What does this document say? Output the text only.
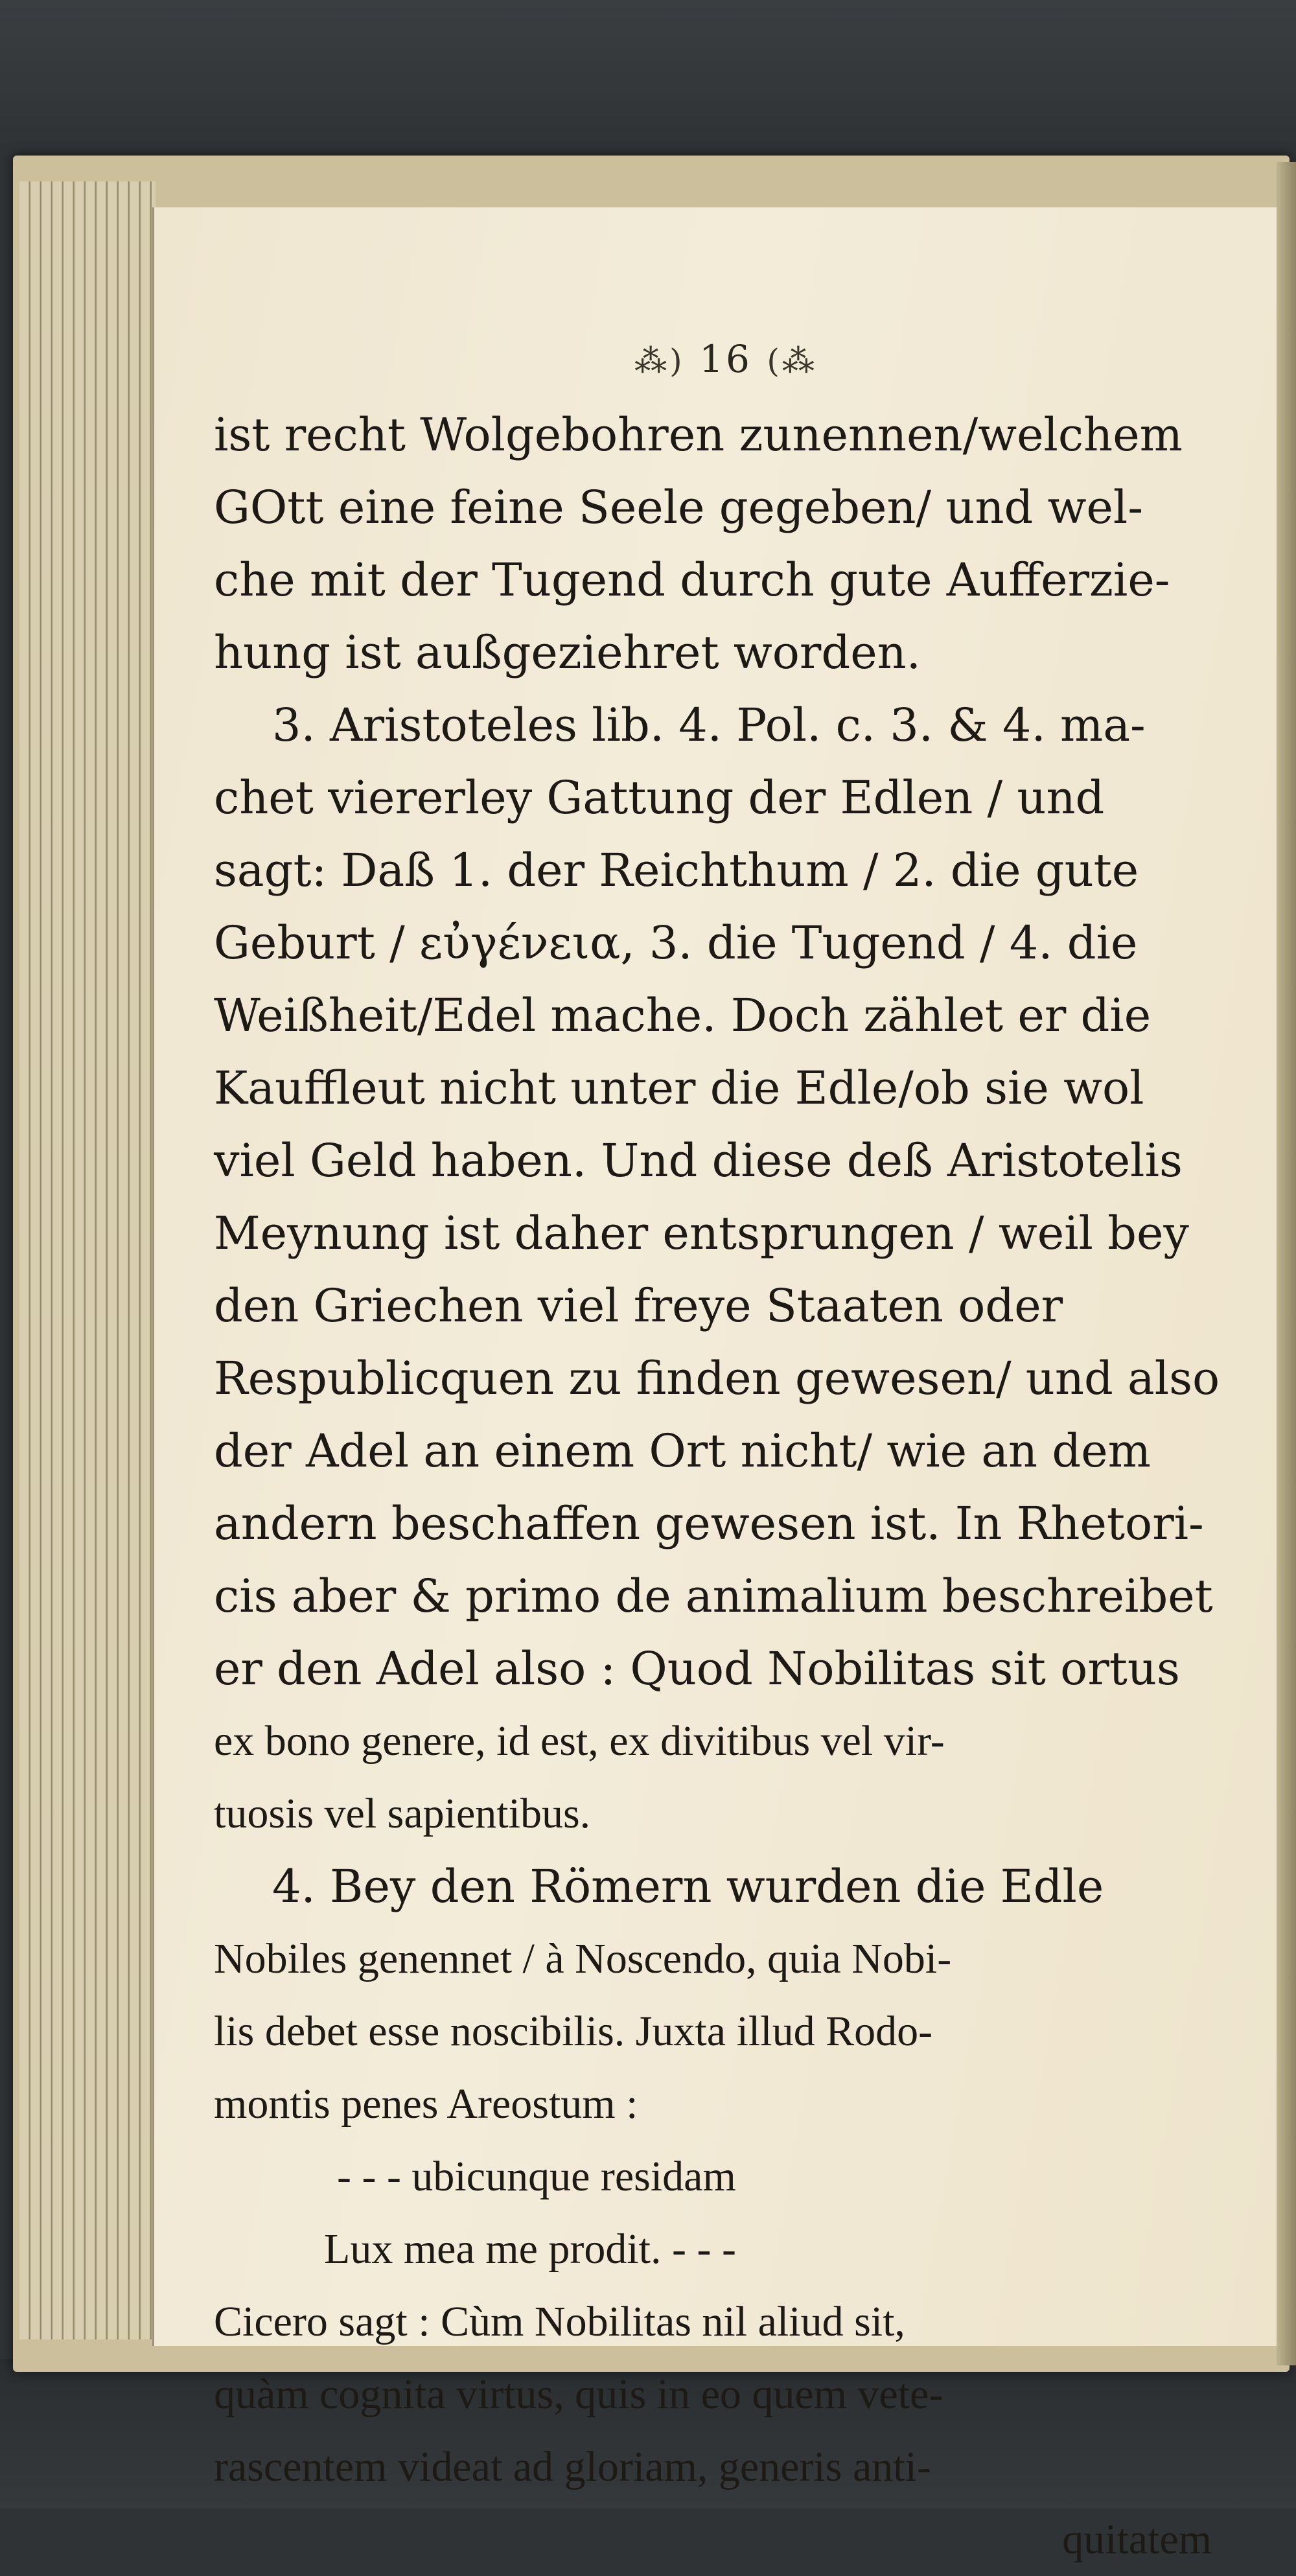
⁂) 16 (⁂
ist recht Wolgebohren zunennen/welchem
GOtt eine feine Seele gegeben/ und wel-
che mit der Tugend durch gute Aufferzie-
hung ist außgeziehret worden.
3. Aristoteles lib. 4. Pol. c. 3. & 4. ma-
chet viererley Gattung der Edlen / und
sagt: Daß 1. der Reichthum / 2. die gute
Geburt / εὐγένεια, 3. die Tugend / 4. die
Weißheit/Edel mache. Doch zählet er die
Kauffleut nicht unter die Edle/ob sie wol
viel Geld haben. Und diese deß Aristotelis
Meynung ist daher entsprungen / weil bey
den Griechen viel freye Staaten oder
Respublicquen zu finden gewesen/ und also
der Adel an einem Ort nicht/ wie an dem
andern beschaffen gewesen ist. In Rhetori-
cis aber & primo de animalium beschreibet
er den Adel also : Quod Nobilitas sit ortus
ex bono genere, id est, ex divitibus vel vir-
tuosis vel sapientibus.
4. Bey den Römern wurden die Edle
Nobiles genennet / à Noscendo, quia Nobi-
lis debet esse noscibilis. Juxta illud Rodo-
montis penes Areostum :
- - - ubicunque residam
Lux mea me prodit. - - -
Cicero sagt : Cùm Nobilitas nil aliud sit,
quàm cognita virtus, quis in eo quem vete-
rascentem videat ad gloriam, generis anti-
quitatem
